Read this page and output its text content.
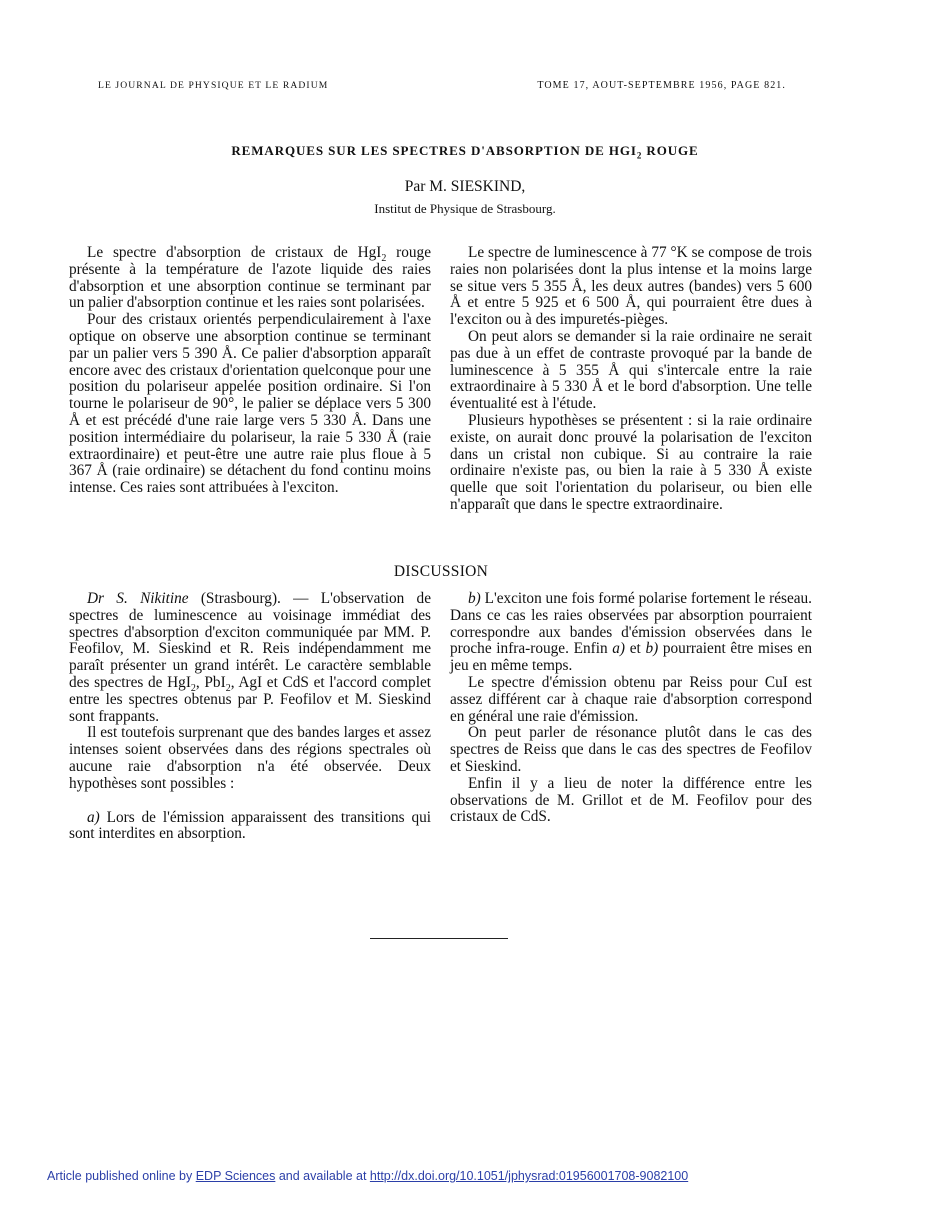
LE JOURNAL DE PHYSIQUE ET LE RADIUM	TOME 17, AOUT-SEPTEMBRE 1956, PAGE 821.
REMARQUES SUR LES SPECTRES D'ABSORPTION DE $HGI_2$ ROUGE
Par M. SIESKIND,
Institut de Physique de Strasbourg.

Le spectre d'absorption de cristaux de HgI$_2$ rouge présente à la température de l'azote liquide des raies d'absorption et une absorption continue se terminant par un palier d'absorption continue et les raies sont polarisées.

Pour des cristaux orientés perpendiculairement à l'axe optique on observe une absorption continue se terminant par un palier vers 5 390 Å. Ce palier d'absorption apparaît encore avec des cristaux d'orientation quelconque pour une position du polariseur appelée position ordinaire. Si l'on tourne le polariseur de 90°, le palier se déplace vers 5 300 Å et est précédé d'une raie large vers 5 330 Å. Dans une position intermédiaire du polariseur, la raie 5 330 Å (raie extraordinaire) et peut-être une autre raie plus floue à 5 367 Å (raie ordinaire) se détachent du fond continu moins intense. Ces raies sont attribuées à l'exciton.

Le spectre de luminescence à 77 °K se compose de trois raies non polarisées dont la plus intense et la moins large se situe vers 5 355 Å, les deux autres (bandes) vers 5 600 Å et entre 5 925 et 6 500 Å, qui pourraient être dues à l'exciton ou à des impuretés-pièges.

On peut alors se demander si la raie ordinaire ne serait pas due à un effet de contraste provoqué par la bande de luminescence à 5 355 Å qui s'intercale entre la raie extraordinaire à 5 330 Å et le bord d'absorption. Une telle éventualité est à l'étude.

Plusieurs hypothèses se présentent : si la raie ordinaire existe, on aurait donc prouvé la polarisation de l'exciton dans un cristal non cubique. Si au contraire la raie ordinaire n'existe pas, ou bien la raie à 5 330 Å existe quelle que soit l'orientation du polariseur, ou bien elle n'apparaît que dans le spectre extraordinaire.

DISCUSSION

Dr S. Nikitine (Strasbourg). — L'observation de spectres de luminescence au voisinage immédiat des spectres d'absorption d'exciton communiquée par MM. P. Feofilov, M. Sieskind et R. Reis indépendamment me paraît présenter un grand intérêt. Le caractère semblable des spectres de HgI$_2$, PbI$_2$, AgI et CdS et l'accord complet entre les spectres obtenus par P. Feofilov et M. Sieskind sont frappants.

Il est toutefois surprenant que des bandes larges et assez intenses soient observées dans des régions spectrales où aucune raie d'absorption n'a été observée. Deux hypothèses sont possibles :

a) Lors de l'émission apparaissent des transitions qui sont interdites en absorption.

b) L'exciton une fois formé polarise fortement le réseau. Dans ce cas les raies observées par absorption pourraient correspondre aux bandes d'émission observées dans le proche infra-rouge. Enfin a) et b) pourraient être mises en jeu en même temps.

Le spectre d'émission obtenu par Reiss pour CuI est assez différent car à chaque raie d'absorption correspond en général une raie d'émission.

On peut parler de résonance plutôt dans le cas des spectres de Reiss que dans le cas des spectres de Feofilov et Sieskind.

Enfin il y a lieu de noter la différence entre les observations de M. Grillot et de M. Feofilov pour des cristaux de CdS.

Article published online by EDP Sciences and available at http://dx.doi.org/10.1051/jphysrad:01956001708-9082100
